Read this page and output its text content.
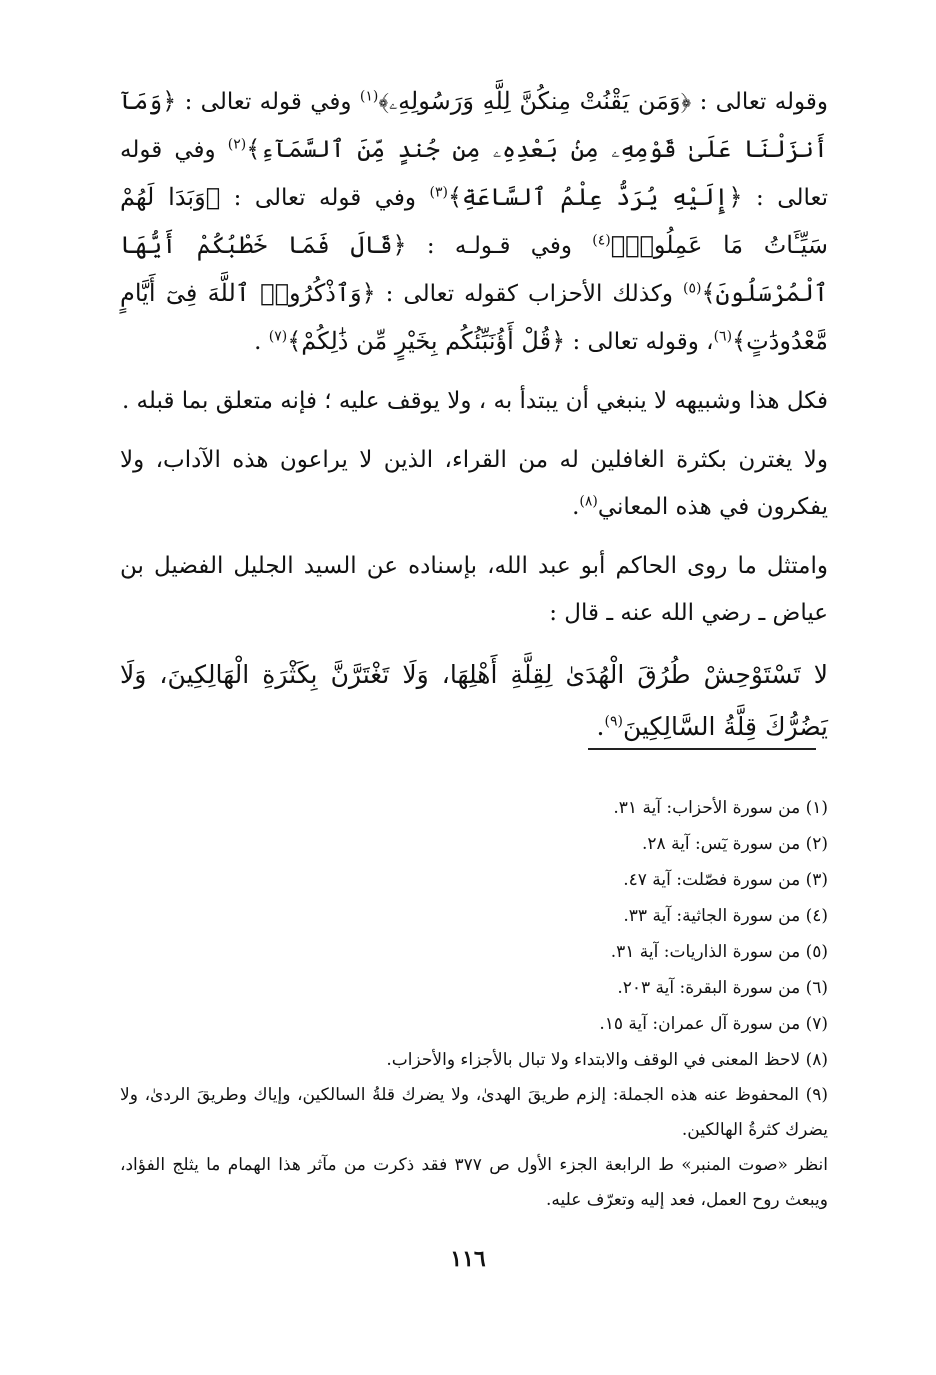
وقوله تعالى : ﴿وَمَن يَقْنُتْ مِنكُنَّ لِلَّهِ وَرَسُولِهِۦ﴾$^{(١)}$ وفي قوله تعالى : ﴿وَمَآ أَنزَلْنَا عَلَىٰ قَوْمِهِۦ مِنۢ بَعْدِهِۦ مِن جُندٍ مِّنَ ٱلسَّمَآءِ﴾$^{(٢)}$ وفي قوله تعالى : ﴿إِلَيْهِ يُرَدُّ عِلْمُ ٱلسَّاعَةِ﴾$^{(٣)}$ وفي قوله تعالى : ﴿وَبَدَا لَهُمْ سَيِّـَٔاتُ مَا عَمِلُوا۟﴾$^{(٤)}$ وفي قـولـه : ﴿قَالَ فَمَا خَطْبُكُمْ أَيُّهَا ٱلْمُرْسَلُونَ﴾$^{(٥)}$ وكذلك الأحزاب كقوله تعالى : ﴿وَٱذْكُرُوا۟ ٱللَّهَ فِىٓ أَيَّامٍ مَّعْدُودَٰتٍ﴾$^{(٦)}$، وقوله تعالى : ﴿قُلْ أَؤُنَبِّئُكُم بِخَيْرٍ مِّن ذَٰلِكُمْ﴾$^{(٧)}$ .

فكل هذا وشبيهه لا ينبغي أن يبتدأ به ، ولا يوقف عليه ؛ فإنه متعلق بما قبله .

ولا يغترن بكثرة الغافلين له من القراء، الذين لا يراعون هذه الآداب، ولا يفكرون في هذه المعاني$^{(٨)}$.

وامتثل ما روى الحاكم أبو عبد الله، بإسناده عن السيد الجليل الفضيل بن عياض ـ رضي الله عنه ـ قال :

لا تَسْتَوْحِشْ طُرُقَ الْهُدَىٰ لِقِلَّةِ أَهْلِهَا، وَلَا تَغْتَرَّنَّ بِكَثْرَةِ الْهَالِكِينَ، وَلَا يَضُرُّكَ قِلَّةُ السَّالِكِينَ$^{(٩)}$.

(١) من سورة الأحزاب: آية ٣١.

(٢) من سورة يٓس: آية ٢٨.

(٣) من سورة فصّلت: آية ٤٧.

(٤) من سورة الجاثية: آية ٣٣.

(٥) من سورة الذاريات: آية ٣١.

(٦) من سورة البقرة: آية ٢٠٣.

(٧) من سورة آل عمران: آية ١٥.

(٨) لاحظ المعنى في الوقف والابتداء ولا تبال بالأجزاء والأحزاب.

(٩) المحفوظ عنه هذه الجملة: إلزم طريقَ الهدىٰ، ولا يضرك قلةُ السالكين، وإياك وطريقَ الردىٰ، ولا يضرك كثرةُ الهالكين.

انظر «صوت المنبر» ط الرابعة الجزء الأول ص ٣٧٧ فقد ذكرت من مآثر هذا الهمام ما يثلج الفؤاد، ويبعث روح العمل، فعد إليه وتعرّف عليه.

١١٦
